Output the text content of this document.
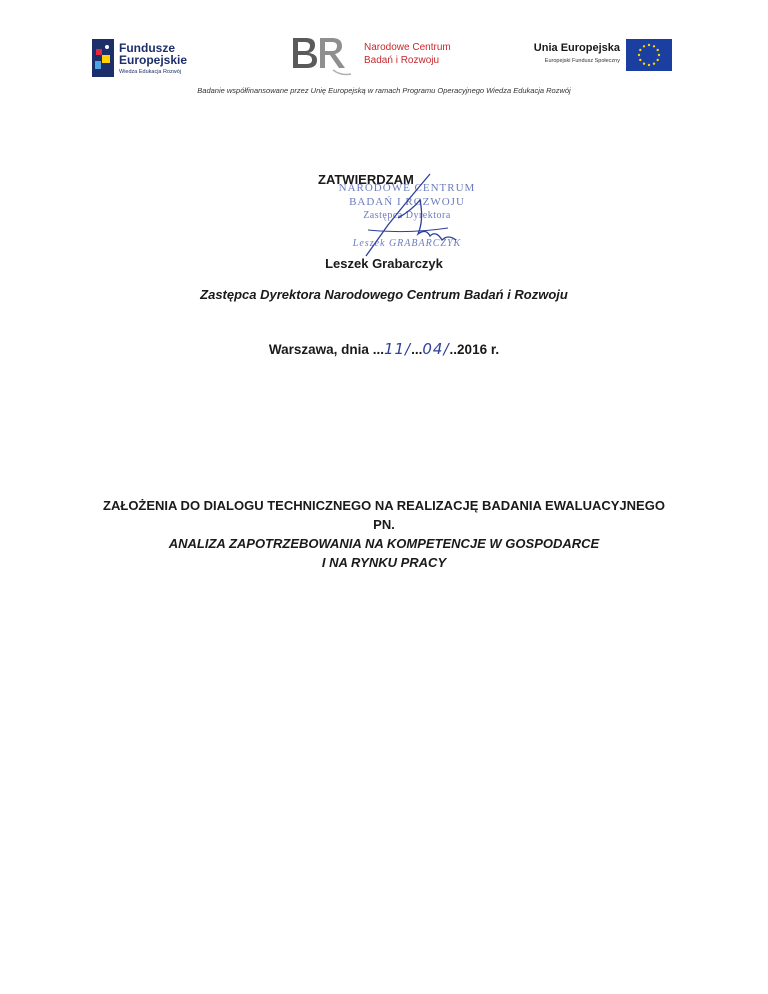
Fundusze
Europejskie
Wiedza Edukacja Rozwój
Narodowe Centrum
Badań i Rozwoju
Unia Europejska
Europejski Fundusz Społeczny
Badanie współfinansowane przez Unię Europejską w ramach Programu Operacyjnego Wiedza Edukacja Rozwój
NARODOWE CENTRUM
BADAŃ I ROZWOJU
Zastępca Dyrektora
Leszek GRABARCZYK
ZATWIERDZAM
Leszek Grabarczyk
Zastępca Dyrektora Narodowego Centrum Badań i Rozwoju
Warszawa, dnia ...11/...04/..2016 r.
ZAŁOŻENIA DO DIALOGU TECHNICZNEGO NA REALIZACJĘ BADANIA EWALUACYJNEGO
PN.
ANALIZA ZAPOTRZEBOWANIA NA KOMPETENCJE W GOSPODARCE
I NA RYNKU PRACY
